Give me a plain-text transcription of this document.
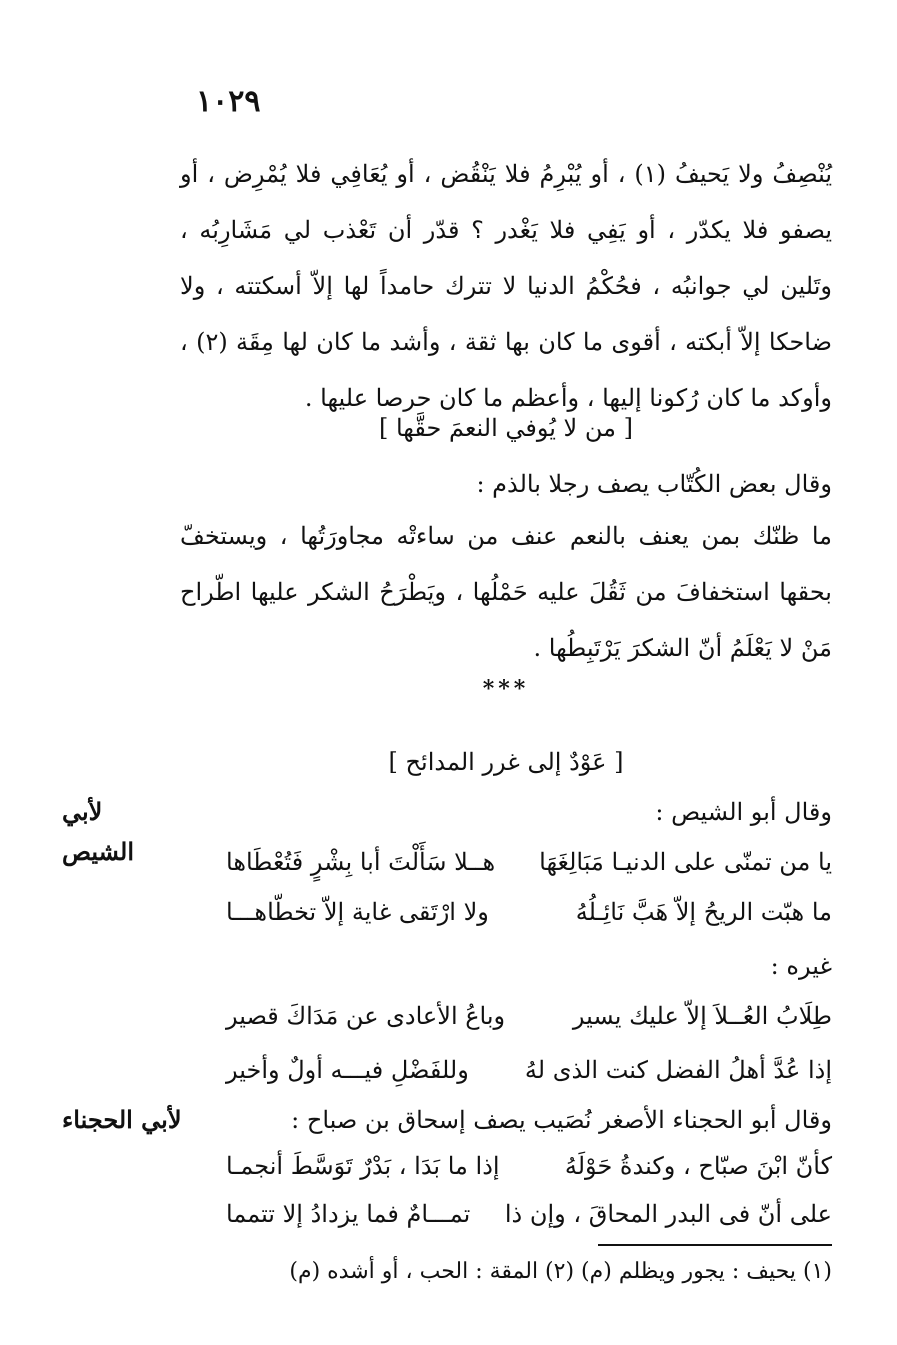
١٠٢٩
يُنْصِفُ ولا يَحيفُ (١) ، أو يُبْرِمُ فلا يَنْقُض ، أو يُعَافِي فلا يُمْرِض ، أو يصفو فلا يكدّر ، أو يَفِي فلا يَغْدر ؟ قدّر أن تَعْذب لي مَشَارِبُه ، وتَلين لي جوانبُه ، فحُكْمُ الدنيا لا تترك حامداً لها إلاّ أسكتته ، ولا ضاحكا إلاّ أبكته ، أقوى ما كان بها ثقة ، وأشد ما كان لها مِقَة (٢) ، وأوكد ما كان رُكونا إليها ، وأعظم ما كان حرصا عليها .
[ من لا يُوفي النعمَ حقَّها ]
وقال بعض الكُتّاب يصف رجلا بالذم :
ما ظنّك بمن يعنف بالنعم عنف من ساءتْه مجاورَتُها ، ويستخفّ بحقها استخفافَ من ثَقُلَ عليه حَمْلُها ، ويَطْرَحُ الشكر عليها اطّراح مَنْ لا يَعْلَمُ أنّ الشكرَ يَرْتَبِطُها .
***
[ عَوْدٌ إلى غرر المدائح ]
وقال أبو الشيص :
لأبي الشيص	يا من تمنّى على الدنيـا مَبَالِغَهَا
هــلا سَأَلْتَ أبا بِشْرٍ فَتُعْطَاها
ما هبّت الريحُ إلاّ هَبَّ نَائِـلُهُ
ولا ارْتَقى غاية إلاّ تخطّاهـــا
غيره :
طِلَابُ العُــلاَ إلاّ عليك يسير
وباعُ الأعادى عن مَدَاكَ قصير
إذا عُدَّ أهلُ الفضل كنت الذى لهُ
وللفَضْلِ فيـــه أولٌ وأخير
وقال أبو الحجناء الأصغر نُصَيب يصف إسحاق بن صباح :
لأبي الحجناء
كأنّ ابْنَ صبّاح ، وكندةُ حَوْلَهُ
إذا ما بَدَا ، بَدْرٌ تَوَسَّطَ أنجمـا
على أنّ فى البدر المحاقَ ، وإن ذا
تمـــامٌ فما يزدادُ إلا تتمما
(١) يحيف : يجور ويظلم (م) (٢) المقة : الحب ، أو أشده (م)
